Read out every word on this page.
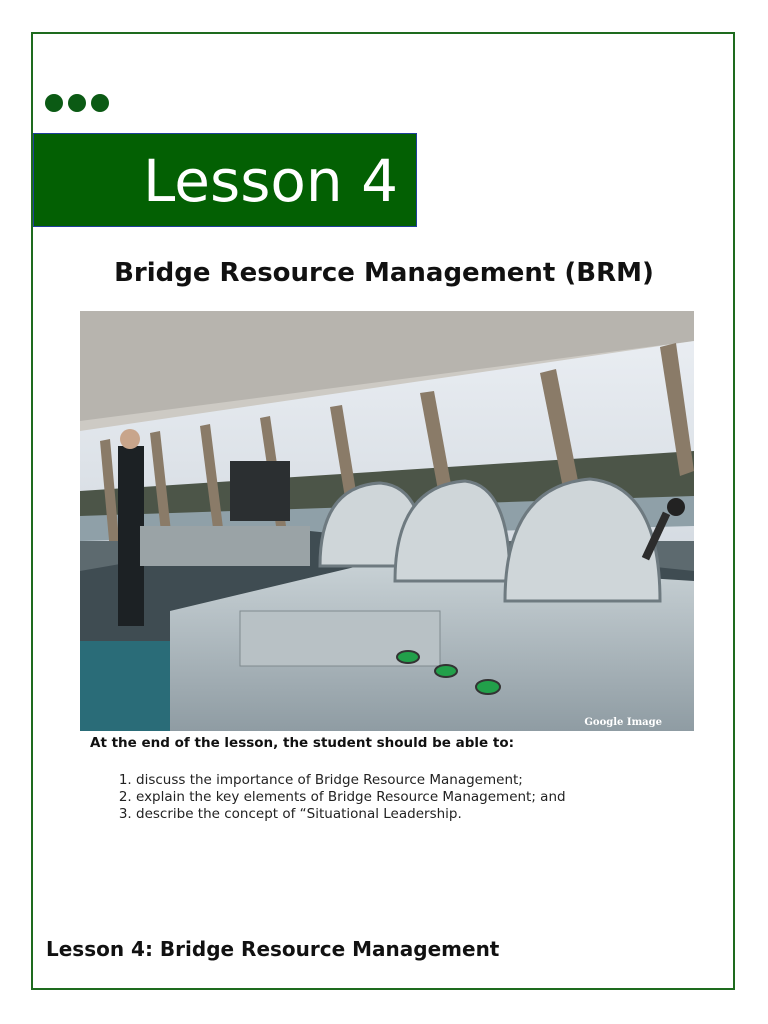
Lesson 4
Bridge Resource Management (BRM)
Google Image
At the end of the lesson, the student should be able to:
1. discuss the importance of Bridge Resource Management;
2. explain the key elements of Bridge Resource Management; and
3. describe the concept of “Situational Leadership.
Lesson 4: Bridge Resource Management
